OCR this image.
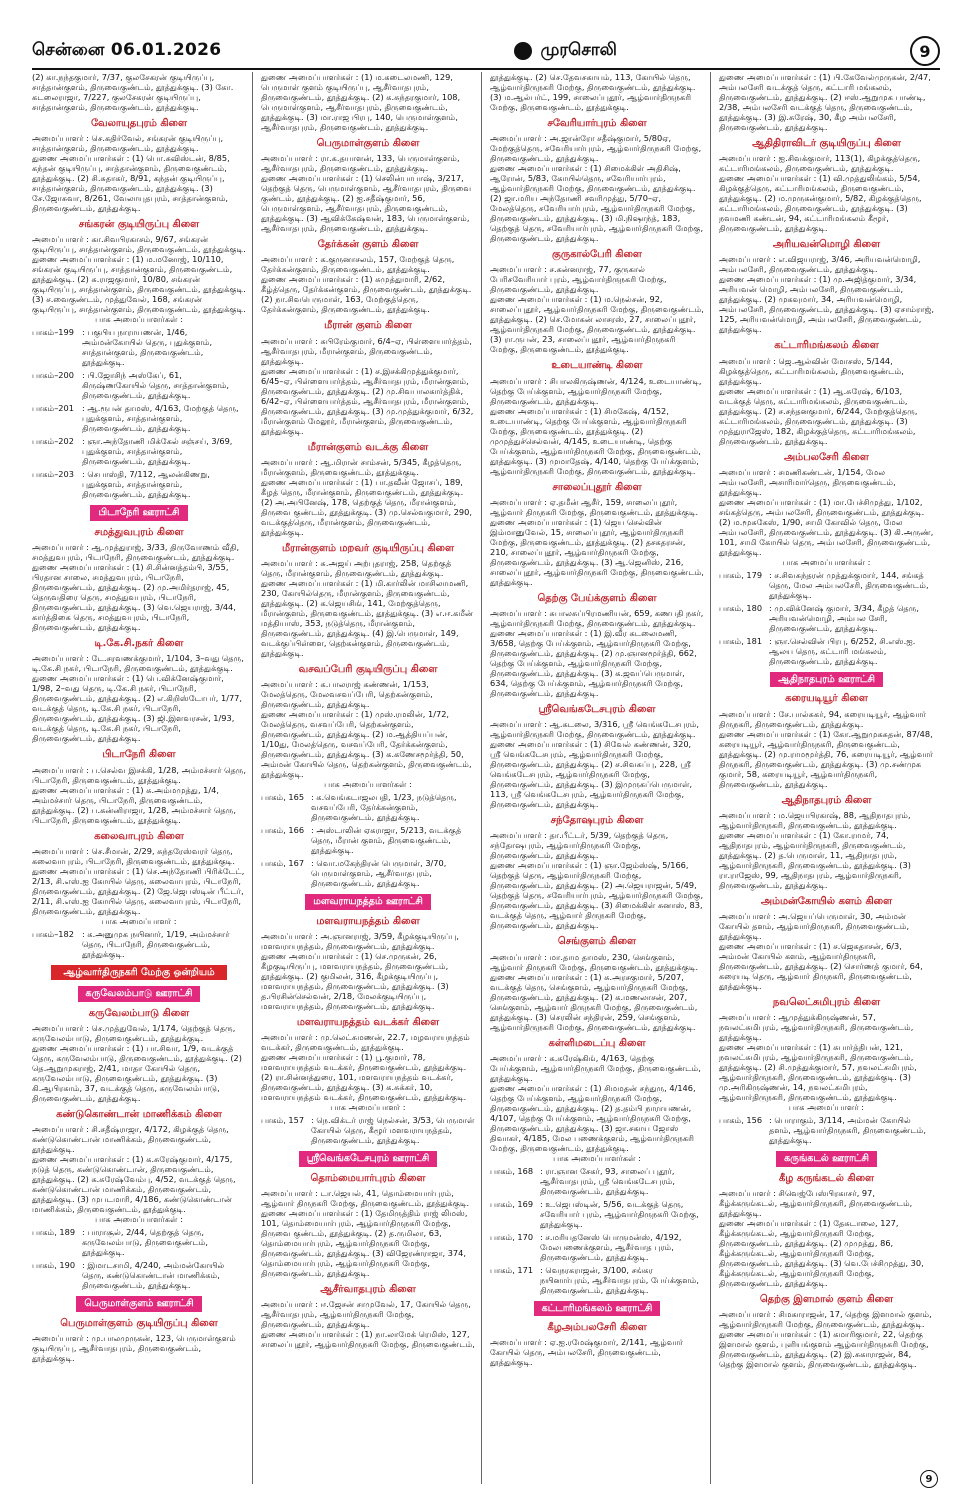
சென்னை 06.01.2026	முரசொலி	9

(2) கா.நந்தகுமார், 7/37, குலசேகரன் குடியிருப்பு, சாத்தான்குளம், திருவைகுண்டம், தூத்துக்குடி. (3) கோ. கடலைராஜா, 7/227, குலசேகரன் குடியிருப்பு, சாத்தான்குளம், திருவைகுண்டம், தூத்துக்குடி.

வேலாயுதபுரம் கிளை

அமைப்பாளர் : செ.கதிர்வேல், சங்கரன் குடியிருப்பு, சாத்தான்குளம், திருவைகுண்டம், தூத்துக்குடி.

துணை அமைப்பாளர்கள் : (1) பொ.சுவிஸ்டன், 8/85, கந்தன் குடியிருப்பு, சாத்தான்குளம், திருவைகுண்டம், தூத்துக்குடி. (2) சி.சுதாகர், 8/91, கந்தன் குடியிருப்பு, சாத்தான்குளம், திருவைகுண்டம், தூத்துக்குடி. (3) சே.ஜோசுவா, 8/261, வேலாயுதபுரம், சாத்தான்குளம், திருவைகுண்டம், தூத்துக்குடி.

சங்கரன் குடியிருப்பு கிளை

அமைப்பாளர் : கா.சிவபிரகாசம், 9/67, சங்கரன் குடியிருப்பு, சாத்தான்குளம், திருவைகுண்டம், தூத்துக்குடி.

துணை அமைப்பாளர்கள் : (1) ம.மனோஜ், 10/110, சங்கரன் குடியிருப்பு, சாத்தான்குளம், திருவைகுண்டம், தூத்துக்குடி. (2) சு.ராஜகுமார், 10/80, சங்கரன் குடியிருப்பு, சாத்தான்குளம், திருவைகுண்டம், தூத்துக்குடி. (3) ச.வைகுண்டம், முத்துவேல், 168, சங்கரன் குடியிருப்பு, சாத்தான்குளம், திருவைகுண்டம், தூத்துக்குடி.

பாக அமைப்பாளர்கள் :
பாகம்–199 : பகுபிய நாராயணன், 1/46, அம்மன்கோயில் தெரு, புதுக்குளம், சாத்தான்குளம், திருவைகுண்டம், தூத்துக்குடி.
பாகம்–200 : பி.ஜோசிந் அஸ்கேப், 61, கிருஷ்ணகோயில் தெரு, சாத்தான்குளம், திருவைகுண்டம், தூத்துக்குடி.
பாகம்–201 : ஆ.ரூபன் தாமஸ், 4/163, மேற்குத் தெரு, புதுக்குளம், சாத்தான்குளம், திருவைகுண்டம், தூத்துக்குடி.
பாகம்–202 : ஞா.அந்தோணி மிக்கேல் சஞ்சய், 3/69, புதுக்குளம், சாத்தான்குளம், திருவைகுண்டம், தூத்துக்குடி.
பாகம்–203 : செபாஸ்தி, 7/112, ஆலன்கிணறு, புதுக்குளம், சாத்தான்குளம், திருவைகுண்டம், தூத்துக்குடி.
பிடாநேரி ஊராட்சி
சமத்துவபுரம் கிளை

அமைப்பாளர் : ஆ.முத்துராஜ், 3/33, திருவோணம் வீதி, சமத்துவபுரம், பிடாநேரி, திருவைகுண்டம், தூத்துக்குடி.

துணை அமைப்பாளர்கள் : (1) சி.சின்னத்தம்பி, 3/55, பிரதான சாலை, சமத்துவபுரம், பிடாநேரி, திருவைகுண்டம், தூத்துக்குடி. (2) மு.அமிர்தராஜ், 45, தெருவதிரை தெரு, சமத்துவபுரம், பிடாநேரி, திருவைகுண்டம், தூத்துக்குடி. (3) வெ.ஜெயராஜ், 3/44, கார்த்திகை தெரு, சமத்துவபுரம், பிடாநேரி, திருவைகுண்டம், தூத்துக்குடி.

டி.கே.சி.நகர் கிளை

அமைப்பாளர் : டே.சரவணக்குமார், 1/104, 3–வது தெரு, டி.கே.சி நகர், பிடாநேரி, திருவைகுண்டம், தூத்துக்குடி.

துணை அமைப்பாளர்கள் : (1) பெ.விக்னேஷ்குமார், 1/98, 2–வது தெரு, டி.கே.சி நகர், பிடாநேரி, திருவைகுண்டம், தூத்துக்குடி. (2) எ.கிறிஸ்டோபர், 1/77, வடக்குத் தெரு, டி.கே.சி நகர், பிடாநேரி, திருவைகுண்டம், தூத்துக்குடி. (3) ஜி.இளவரசன், 1/93, வடக்குத் தெரு, டி.கே.சி நகர், பிடாநேரி, திருவைகுண்டம், தூத்துக்குடி.

பிடாநேரி கிளை

அமைப்பாளர் : ப.செல்வ இசக்கி, 1/28, அம்மச்சார் தெரு, பிடாநேரி, திருவைகுண்டம், தூத்துக்குடி.

துணை அமைப்பாளர்கள் : (1) சு.அம்மமுத்து, 1/4, அம்மச்சார் தெரு, பிடாநேரி, திருவைகுண்டம், தூத்துக்குடி. (2) ப.கன்னிராஜா, 1/28, அம்மச்சார் தெரு, பிடாநேரி, திருவைகுண்டம், தூத்துக்குடி.

கலைவாபுரம் கிளை

அமைப்பாளர் : செ.சீமான், 2/29, சுந்தரேஸ்வரர் தெரு, கலைவாபுரம், பிடாநேரி, திருவைகுண்டம், தூத்துக்குடி.

துணை அமைப்பாளர்கள் : (1) செ.அந்தோணி பிரிக்டேட், 2/13, சி.எஸ்.ஐ கோயில் தெரு, கலைவாபுரம், பிடாநேரி, திருவைகுண்டம், தூத்துக்குடி. (2) ஜே.ஜெபஸ்டின் பீட்டர், 2/11, சி.எஸ்.ஐ கோயில் தெரு, கலைவாபுரம், பிடாநேரி, திருவைகுண்டம், தூத்துக்குடி.

பாக அமைப்பாளர் :
பாகம்–182 : க.அனுமுக நயினார், 1/19, அம்மச்சார் தெரு, பிடாநேரி, திருவைகுண்டம், தூத்துக்குடி.
ஆழ்வார்திருநகரி மேற்கு ஒன்றியம்
கருவேலம்பாடு ஊராட்சி
கருவேலம்பாடு கிளை

அமைப்பாளர் : செ.முத்துவேல், 1/174, தெற்குத் தெரு, கருவேலம்பாடு, திருவைகுண்டம், தூத்துக்குடி.

துணை அமைப்பாளர்கள் : (1) பா.சிவா, 1/9, வடக்குத் தெரு, கருவேலம்பாடு, திருவைகுண்டம், தூத்துக்குடி. (2) தெ.ஆறுமுகராஜ், 2/41, மாதா கோயில் தெரு, கருவேலம்பாடு, திருவைகுண்டம், தூத்துக்குடி. (3) கி.ஆபிரகாம், 37, வடக்குத் தெரு, கருவேலம்பாடு, திருவைகுண்டம், தூத்துக்குடி.

கண்டுகொண்டான் மாணிக்கம் கிளை

அமைப்பாளர் : சி.சதீஷ்ராஜா, 4/172, கிழக்குத் தெரு, கண்டுகொண்டான் மாணிக்கம், திருவைகுண்டம், தூத்துக்குடி.

துணை அமைப்பாளர்கள் : (1) க.சுரேஷ்குமார், 4/175, நடுத் தெரு, கண்டுகொண்டான், திருவைகுண்டம், தூத்துக்குடி. (2) க.சுரேஷ்வேம்பு, 4/52, வடக்குத் தெரு, கண்டுகொண்டான் மாணிக்கம், திருவைகுண்டம், தூத்துக்குடி. (3) முபடமாரி, 4/186, கண்டுகொண்டான் மாணிக்கம், திருவைகுண்டம், தூத்துக்குடி.

பாக அமைப்பாளர்கள் :
பாகம், 189 : பாராசூல், 2/44, தெற்குத் தெரு, கருவேலம்பாடு, திருவைகுண்டம், தூத்துக்குடி.
பாகம், 190 : இமாடசாமி, 4/240, அம்மன்கோயில் தெரு, கண்டுகொண்டான் மாணிக்கம், திருவைகுண்டம், தூத்துக்குடி.
பெருமாள்குளம் ஊராட்சி
பெருமாள்குளம் குடியிருப்பு கிளை

அமைப்பாளர் : மு.பாலமுருகன், 123, பெருமாள்குளம் குடியிருப்பு, ஆசீர்வாதபுரம், திருவைகுண்டம், தூத்துக்குடி.

துணை அமைப்பாளர்கள் : (1) ம.கடைலமணி, 129, பெருமாள் குளம் குடியிருப்பு, ஆசீர்வாதபுரம், திருவைகுண்டம், தூத்துக்குடி. (2) க.சுந்தரகுமார், 108, பெருமாள்குளம், ஆசீர்வாதபுரம், திருவைகுண்டம், தூத்துக்குடி. (3) மா.ராஜ பிரபு, 140, பெருமாள்குளம், ஆசீர்வாதபுரம், திருவைகுண்டம், தூத்துக்குடி.

பெருமாள்குளம் கிளை

அமைப்பாளர் : ரா.க.தயாளன், 133, பெருமாள்குளம், ஆசீர்வாதபுரம், திருவைகுண்டம், தூத்துக்குடி.

துணை அமைப்பாளர்கள் : (1) செலின்பாபாஷ், 3/217, தெற்குத் தெரு, பெருமாள்குளம், ஆசீர்வாதபுரம், திருவை குண்டம், தூத்துக்குடி. (2) ஐ.சதீஷ்குமார், 56, பெருமாள்குளம், ஆசீர்வாதபுரம், திருவைகுண்டம், தூத்துக்குடி. (3) ஆவிக்கேஷ்வன், 183, பெருமாள்குளம், ஆசீர்வாதபுரம், திருவைகுண்டம், தூத்துக்குடி.

தேர்க்கன் குளம் கிளை

அமைப்பாளர் : க.குருனாசலம், 157, மேற்குத் தெரு, தேர்க்கன்குளம், திருவைகுண்டம், தூத்துக்குடி.

துணை அமைப்பாளர்கள் : (1) சுமுத்துமாரி, 2/62, கீழ்த்தெரு, தேர்க்கன்குளம், திருவைகுண்டம், தூத்துக்குடி. (2) நா.சிவபெருமாள், 163, மேற்குத்தெரு, தேர்க்கன்குளம், திருவைகுண்டம், தூத்துக்குடி.

மீரான் குளம் கிளை

அமைப்பாளர் : சுபிரேம்குமார், 6/4–ஏ, பிள்ளையார்த்தம், ஆசீர்வாதபுரம், மீரான்குளம், திருவைகுண்டம், தூத்துக்குடி.

துணை அமைப்பாளர்கள் : (1) ச.இசக்கிமுத்துக்குமார், 6/45–ஏ, பிள்ளையார்த்தம், ஆசீர்வாதபுரம், மீரான்குளம், திருவைகுண்டம், தூத்துக்குடி. (2) மு.சிவபாலகார்த்திக், 6/42–ஏ, பிள்ளையார்த்தம், ஆசீர்வாதபுரம், மீரான்குளம், திருவைகுண்டம், தூத்துக்குடி. (3) மு.முத்துக்குமார், 6/32, மீரான்குளம் மேலூர், மீரான்குளம், திருவைகுண்டம், தூத்துக்குடி.

மீரான்குளம் வடக்கு கிளை

அமைப்பாளர் : ஆ.மிரான் சாம்சன், 5/345, கீழத்தெரு, மீரான்குளம், திருவைகுண்டம், தூத்துக்குடி.

துணை அமைப்பாளர்கள் : (1) பா.தவீன் ஜோசப், 189, கீழத் தெரு, மீரான்குளம், திருவைகுண்டம், தூத்துக்குடி. (2) அ.அபினேஷ், 178, தெற்குத் தெரு, மீரான்குளம், திருவை குண்டம், தூத்துக்குடி. (3) மு.செல்வகுமார், 290, வடக்குத்தெரு, மீரான்குளம், திருவைகுண்டம், தூத்துக்குடி.

மீரான்குளம் மறவர் குடியிருப்பு கிளை

அமைப்பாளர் : சு.அஜய் அற்புதராஜ், 258, தெற்குத் தெரு, மீரான்குளம், திருவைகுண்டம், தூத்துக்குடி.

துணை அமைப்பாளர்கள் : (1) மி.கார்லின் மாசிலாமணி, 230, கோயில்தெரு, மீரான்குளம், திருவைகுண்டம், தூத்துக்குடி. (2) க.ஜெயசிங், 141, மேற்குத்தெரு, மீரான்குளம், திருவைகுண்டம், தூத்துக்குடி. (3) எ.ஈ.கமீன் மத்தியாஸ், 353, நடுத்தெரு, மீரான்குளம், திருவைகுண்டம், தூத்துக்குடி. (4) இ.பெருமாள், 149, வடக்குப்பிள்ளை, தெற்கன்குளம், திருவைகுண்டம், தூத்துக்குடி.

வசவப்பேரி குடியிருப்பு கிளை

அமைப்பாளர் : க.பாலராஜ் கண்ணன், 1/153, மேலத்தெரு, மேலவசவப்பேரி, தெற்கன்குளம், திருவைகுண்டம், தூத்துக்குடி.

துணை அமைப்பாளர்கள் : (1) முஸ்.ரமலின், 1/72, மேலத்தெரு, வசவப்பேரி, தெற்கன்குளம், திருவைகுண்டம், தூத்துக்குடி. (2) ம.ஆத்தியப்பன், 1/10து, மேலத்தெரு, வசவப்பேரி, தேர்க்கன்குளம், திருவைகுண்டம், தூத்துக்குடி. (3) க.கணேசமூர்த்தி, 50, அம்மன் கோயில் தெரு, தெற்கன்குளம், திருவைகுண்டம், தூத்துக்குடி.

பாக அமைப்பாளர்கள் :
பாகம், 165 : க.வெங்கடாஜலபதி, 1/23, நடுத்தெரு, வசவப்பேரி, தேர்க்கன்குளம், திருவைகுண்டம், தூத்துக்குடி.
பாகம், 166 : அஸ்டாலின் ஏகராஜா, 5/213, வடக்குத் தெரு, மீரான் குளம், திருவைகுண்டம், தூத்துக்குடி.
பாகம், 167 : வொ.மகேந்திரன் பெருமாள், 3/70, பெருமாள்குளம், ஆசீர்வாதபுரம், திருவைகுண்டம், தூத்துக்குடி.
மளவராயநத்தம் ஊராட்சி
மளவராயநத்தம் கிளை

அமைப்பாளர் : அ.ஞானராஜ், 3/59, கீழக்குடியிருப்பு, மளவராயநத்தம், திருவைகுண்டம், தூத்துக்குடி.

துணை அமைப்பாளர்கள் : (1) செ.முருகன், 26, கீழகுடியிருப்பு, மளவராயநத்தம், திருவைகுண்டம், தூத்துக்குடி. (2) குமிலன், 316, கீழக்குடியிருப்பு, மளவராயநத்தம், திருவைகுண்டம், தூத்துக்குடி. (3) த.பிரசின்செல்வன், 2/18, மேலக்குடியிருப்பு, மளவராயநத்தம், திருவைகுண்டம், தூத்துக்குடி.

மளவராயநத்தம் வடக்கர் கிளை

அமைப்பாளர் : மு.லெட்சுமணன், 22.7, மழவராயநத்தம் வடக்கர், திருவைகுண்டம், தூத்துக்குடி.

துணை அமைப்பாளர்கள் : (1) பூ.குமார், 78, மளவராயநத்தம் வடக்கர், திருவைகுண்டம், தூத்துக்குடி. (2) ரா.சின்னத்துரை, 101, மளவராயநத்தம் வடக்கர், திருவைகுண்டம், தூத்துக்குடி. (3) க.சுக்கர், 10, மளவராயநத்தம் வடக்கர், திருவைகுண்டம், தூத்துக்குடி.

பாக அமைப்பாளர் :
பாகம், 157 : நெ.விக்டர் ராஜ் நெல்சன், 3/53, பெருமாள் கோயில் தெரு, கீழூர் மளவராயநத்தம், திருவைகுண்டம், தூத்துக்குடி.
ஸ்ரீவெங்கடேசபுரம் ஊராட்சி
தொம்மையார்புரம் கிளை

அமைப்பாளர் : டா.ஜெயல், 41, தொம்மையார்புரம், ஆழ்வார் திருநகரி மேற்கு, திருவைகுண்டம், தூத்துக்குடி.

துணை அமைப்பாளர்கள் : (1) தேமிருத்திம் ராஜ் லிமஸ், 101, தொம்மையார்புரம், ஆழ்வார்திருநகரி மேற்கு, திருவை குண்டம், தூத்துக்குடி. (2) த.ருமிலா, 63, தொம்மையார்புரம், ஆழ்வார்திருநகரி மேற்கு, திருவைகுண்டம், தூத்துக்குடி. (3) விஜேரண்ராஜா, 374, தொம்மையார்புரம், ஆழ்வார்திருநகரி மேற்கு, திருவைகுண்டம், தூத்துக்குடி.

ஆசீர்வாதபுரம் கிளை

அமைப்பாளர் : ஈ.ஜேசன் சாமுவேல், 17, கோயில் தெரு, ஆசீர்வாதபுரம், ஆழ்வார்திருநகரி மேற்கு, திருவைகுண்டம், தூத்துக்குடி.

துணை அமைப்பாளர்கள் : (1) நா.லாமேக் ரெமிஸ், 127, சாலைப்புதூர், ஆழ்வார்திருநகரி மேற்கு, திருவைகுண்டம்,

தூத்துக்குடி. (2) செ.தேவசகாயம், 113, கோயில் தெரு, ஆழ்வார்திருநகரி மேற்கு, திருவைகுண்டம், தூத்துக்குடி. (3) ம.ஆல்பர்ட், 199, சாலைப்புதூர், ஆழ்வார்திருநகரி மேற்கு, திருவைகுண்டம், தூத்துக்குடி.

சவேரியார்புரம் கிளை

அமைப்பாளர் : அ.ஜான்ரோ சதீஷ்குமார், 5/80ஏ, மேற்குத்தெரு, சவேரியார்புரம், ஆழ்வார்திருநகரி மேற்கு, திருவைகுண்டம், தூத்துக்குடி.

துணை அமைப்பாளர்கள் : (1) சிமைக்கிள் அதிசிஷ், ஆரோன், 5/83, கோயில்தெரு, சவேரியார்புரம், ஆழ்வார்திருநகரி மேற்கு, திருவைகுண்டம், தூத்துக்குடி. (2) ஜா.மரிய அந்தோணி சவரிமுத்து, 5/70–ஏ, மேலத்தெரு, சவேரியார்புரம், ஆழ்வார்திருநகரி மேற்கு, திருவைகுண்டம், தூத்துக்குடி. (3) மி.நிஷாந்த், 183, தெற்குத் தெரு, சவேரியார்புரம், ஆழ்வார்திருநகரி மேற்கு, திருவைகுண்டம், தூத்துக்குடி.

குருகால்பேரி கிளை

அமைப்பாளர் : ச.கன்னராஜ், 77, குருகால் பேரிசவேரியார் புரம், ஆழ்வார்திருநகரி மேற்கு, திருவைகுண்டம், தூத்துக்குடி.

துணை அமைப்பாளர்கள் : (1) ம.நெல்சன், 92, சாலைப்புதூர், ஆழ்வார்திருநகரி மேற்கு, திருவைகுண்டம், தூத்துக்குடி. (2) செ.மோகன் லாசரஸ், 27, சாலைப்புதூர், ஆழ்வார்திருநகரி மேற்கு, திருவைகுண்டம், தூத்துக்குடி. (3) ரா.ருபன், 23, சாலைப்புதூர், ஆழ்வார்திருநகரி மேற்கு, திருவைகுண்டம், தூத்துக்குடி.

உடையாண்டி கிளை

அமைப்பாளர் : சிபாலகிருஷ்ணன், 4/124, உடையாண்டி, தெற்கு பேய்க்குளம், ஆழ்வார்திருநகரி மேற்கு, திருவைகுண்டம், தூத்துக்குடி.

துணை அமைப்பாளர்கள் : (1) சிமகேஷ், 4/152, உடையாண்டி, தெற்கு பேய்க்குளம், ஆழ்வார்திருநகரி மேற்கு, திருவைகுண்டம், தூத்துக்குடி. (2) முமுத்துச்செல்வன், 4/145, உடையாண்டி, தெற்கு பேய்க்குளம், ஆழ்வார்திருநகரி மேற்கு, திருவைகுண்டம், தூத்துக்குடி. (3) முமாதேஷ், 4/140, தெற்கு பேய்க்குளம், ஆழ்வார்திருநகரி மேற்கு, திருவைகுண்டம், தூத்துக்குடி.

சாலைப்புதூர் கிளை

அமைப்பாளர் : ஏ.தமீன் ஆசீர், 159, சாலைப்புதூர், ஆழ்வார் திருநகரி மேற்கு, திருவைகுண்டம், தூத்துக்குடி.

துணை அமைப்பாளர்கள் : (1) ஜெய செல்வின் இம்மானுவேல், 15, சாலைப்புதூர், ஆழ்வார்திருநகரி மேற்கு, திருவைகுண்டம், தூத்துக்குடி. (2) தசகதரசன், 210, சாலைப்புதூர், ஆழ்வார்திருநகரி மேற்கு, திருவைகுண்டம், தூத்துக்குடி. (3) ஆ.ஜெனிஸ், 216, சாலைப்புதூர், ஆழ்வார்திருநகரி மேற்கு, திருவைகுண்டம், தூத்துக்குடி.

தெற்கு பேய்க்குளம் கிளை

அமைப்பாளர் : சுபாலசுப்பிரமணியன், 659, கணபதி நகர், ஆழ்வார்திருநகரி மேற்கு, திருவைகுண்டம், தூத்துக்குடி.

துணை அமைப்பாளர்கள் : (1) இ.வீர கடலைமணி, 3/658, தெற்கு பேய்க்குளம், ஆழ்வார்திருநகரி மேற்கு, திருவைகுண்டம், தூத்துக்குடி. (2) மு.ஞானமூர்த்தி, 662, தெற்கு பேய்க்குளம், ஆழ்வார்திருநகரி மேற்கு, திருவைகுண்டம், தூத்துக்குடி. (3) க.ஜவப்பெருமாள், 634, தெற்கு பேய்க்குளம், ஆழ்வார்திருநகரி மேற்கு, திருவைகுண்டம், தூத்துக்குடி.

ஸ்ரீவெங்கடேசபுரம் கிளை

அமைப்பாளர் : ஆ.கடலை, 3/316, ஸ்ரீ வெங்கடேசபுரம், ஆழ்வார்திருநகரி மேற்கு, திருவைகுண்டம், தூத்துக்குடி.

துணை அமைப்பாளர்கள் : (1) சிவேல் கண்ணன், 320, ஸ்ரீ வெங்கடேசபுரம், ஆழ்வார்திருநகரி மேற்கு, திருவைகுண்டம், தூத்துக்குடி. (2) ச.சிவசுப்பு, 228, ஸ்ரீ வெங்கடேசபுரம், ஆழ்வார்திருநகரி மேற்கு, திருவைகுண்டம், தூத்துக்குடி. (3) இமுருகப்பெருமாள், 113, ஸ்ரீ வெங்கடேசபுரம், ஆழ்வார்திருநகரி மேற்கு, திருவைகுண்டம், தூத்துக்குடி.

சந்தோஷபுரம் கிளை

அமைப்பாளர் : தா.பீட்டர், 5/39, தெற்குத் தெரு, சந்தோஷபுரம், ஆழ்வார்திருநகரி மேற்கு, திருவைகுண்டம், தூத்துக்குடி.

துணை அமைப்பாளர்கள் : (1) ஞா.ஜேம்ஸ்ஷ், 5/166, தெற்குத் தெரு, ஆழ்வார்திருநகரி மேற்கு, திருவைகுண்டம், தூத்துக்குடி. (2) அ.ஜெயராஜன், 5/49, தெற்குத் தெரு, சவேரியார்புரம், ஆழ்வார்திருநகரி மேற்கு, திருவைகுண்டம், தூத்துக்குடி. (3) சிமைக்கிள் சுனாஸ், 83, வடக்குத் தெரு, ஆழ்வார் திருநகரி மேற்கு, திருவைகுண்டம், தூத்துக்குடி.

செங்குளம் கிளை

அமைப்பாளர் : மா.தாம தாமஸ், 230, செங்குளம், ஆழ்வார் திருநகரி மேற்கு, திருவைகுண்டம், தூத்துக்குடி.

துணை அமைப்பாளர்கள் : (1) சு.அரசகுமார், 5/207, வடக்குத் தெரு, செங்குளம், ஆழ்வார்திருநகரி மேற்கு, திருவைகுண்டம், தூத்துக்குடி. (2) க.மணலாசன், 207, செங்குளம், ஆழ்வார் திருநகரி மேற்கு, திருவைகுண்டம், தூத்துக்குடி. (3) செரலின் சந்திரன், 259, செங்குளம், ஆழ்வார்திருநகரி மேற்கு, திருவைகுண்டம், தூத்துக்குடி.

கள்ளிமடைப்பு கிளை

அமைப்பாளர் : க.சுரேஷ்கிங், 4/163, தெற்கு பேய்க்குளம், ஆழ்வார்திருநகரி மேற்கு, திருவைகுண்டம், தூத்துக்குடி.

துணை அமைப்பாளர்கள் : (1) சிமமதன் சந்துரு, 4/146, தெற்கு பேய்க்குளம், ஆழ்வார்திருநகரி மேற்கு, திருவைகுண்டம், தூத்துக்குடி. (2) த.தம்பி நாராயணன், 4/107, தெற்கு பேய்க்குளம், ஆழ்வார்திருநகரி மேற்கு, திருவைகுண்டம், தூத்துக்குடி. (3) ஜா.சகாய ஜோஸ் திவாகர், 4/185, மேல பணைக்குளம், ஆழ்வார்திருநகரி மேற்கு, திருவைகுண்டம், தூத்துக்குடி.

பாக அமைப்பாளர்கள் :
பாகம், 168 : ரா.ஞான சேகர், 93, சாலைப் புதூர், ஆசீர்வாதபுரம், ஸ்ரீ வெங்கடேசபுரம், திருவைகுண்டம், தூத்துக்குடி.
பாகம், 169 : உ.ஜெபஸ்டின், 5/56, வடக்குத் தெரு, சவேரியார் புரம், ஆழ்வார்திருநகரி மேற்கு, தூத்துக்குடி.
பாகம், 170 : ச.மரியதனேஸ் பொருமன்ஸ், 4/192, மேலபணைக்குளம், ஆசீர்வாத புரம், திருவைகுண்டம், தூத்துக்குடி.
பாகம், 171 : வெநரகராஜன், 3/100, சங்கர நயினார்புரம், ஆசீர்வாதபுரம், பேய்க்குளம், திருவைகுண்டம், தூத்துக்குடி.
கட்டாரிமங்கலம் ஊராட்சி
கீழஅம்பலசேரி கிளை

அமைப்பாளர் : ஏ.ஐ.ரமேஷ்குமார், 2/141, ஆழ்வார் கோயில் தெரு, அம்பலசேரி, திருவைகுண்டம், தூத்துக்குடி.

துணை அமைப்பாளர்கள் : (1) பி.கேவேல்முருகன், 2/47, அம்பலசேரி வடக்குத் தெரு, கட்டாரி மங்கலம், திருவைகுண்டம், தூத்துக்குடி. (2) ஈஸ்.ஆறுமுக பாண்டி, 2/38, அம்பலசேரி வடக்குத் தெரு, திருவைகுண்டம், தூத்துக்குடி. (3) இ.சுரேஷ், 30, கீழ அம்பலசேரி, திருவைகுண்டம், தூத்துக்குடி.

ஆதிதிராவிடர் குடியிருப்பு கிளை

அமைப்பாளர் : ஐ.சிவக்குமார், 113(1), கிழக்குத்தெரு, கட்டாரிமங்கலம், திருவைகுண்டம், தூத்துக்குடி.

துணை அமைப்பாளர்கள் : (1) வி.முத்துலிங்கம், 5/54, கிழக்குத்தெரு, கட்டாரிமங்கலம், திருவைகுண்டம், தூத்துக்குடி. (2) ம.முருகன்குமார், 5/82, கிழக்குத்தெரு, கட்டாரிமங்கலம், திருவைகுண்டம், தூத்துக்குடி. (3) நவமணி கண்டன், 94, கட்டாரிமங்கலம் கீழூர், திருவைகுண்டம், தூத்துக்குடி.

அரியவன்மொழி கிளை

அமைப்பாளர் : எ.விஜயராஜ், 3/46, அரியவன்மொழி, அம்பலசேரி, திருவைகுண்டம், தூத்துக்குடி.

துணை அமைப்பாளர்கள் : (1) மு.அஜித்குமார், 3/34, அரியவன் மொழி, அம்பலசேரி, திருவைகுண்டம், தூத்துக்குடி. (2) முகவுமார், 34, அரியவன்மொழி, அம்பலசேரி, திருவைகுண்டம், தூத்துக்குடி. (3) ஏசாம்ராஜ், 125, அரியவன்மொழி, அம்பலசேரி, திருவைகுண்டம், தூத்துக்குடி.

கட்டாரிமங்கலம் கிளை

அமைப்பாளர் : ஜெ.ஆல்வின் மோசஸ், 5/144, கிழக்குத்தெரு, கட்டாரிமங்கலம், திருவைகுண்டம், தூத்துக்குடி.

துணை அமைப்பாளர்கள் : (1) ஆ.சுரேஷ், 6/103, வடக்குத் தெரு, கட்டாரிமங்கலம், திருவைகுண்டம், தூத்துக்குடி. (2) ச.சந்தனகுமார், 6/244, மேற்குத்தெரு, கட்டாரிமங்கலம், திருவைகுண்டம், தூத்துக்குடி. (3) முத்துராஜேஸ், 182, கிழக்குத்தெரு, கட்டாரிமங்கலம், திருவைகுண்டம், தூத்துக்குடி.

அம்பலசேரி கிளை

அமைப்பாளர் : சமணிகண்டன், 1/154, மேல அம்பலசேரி, அசாரிமார்தெரு, திருவைகுண்டம், தூத்துக்குடி.

துணை அமைப்பாளர்கள் : (1) மா.பேச்சிமுத்து, 1/102, சங்கத்தெரு, அம்பலசேரி, திருவைகுண்டம், தூத்துக்குடி. (2) ம.மூசுகேஸ், 1/90, சாமி கோவில் தெரு, மேல அம்பலசேரி, திருவைகுண்டம், தூத்துக்குடி. (3) கி.அருண், 101, சாமி கோயில் தெரு, அம்பலசேரி, திருவைகுண்டம், தூத்துக்குடி.

பாக அமைப்பாளர்கள் :
பாகம், 179 : ச.சிவசுந்தரன் முத்துக்குமார், 144, சங்கத் தெரு, மேல அம்பலசேரி, திருவைகுண்டம், தூத்துக்குடி.
பாகம், 180 : மு.விக்னேஷ் குமார், 3/34, கீழத் தெரு, அரியவன்மொழி, அம்பல சேரி, திருவைகுண்டம், தூத்துக்குடி.
பாகம், 181 : ஞா.செல்வின் பிரபு, 6/252, சி.எஸ்.ஐ. ஆலய தெரு, கட்டாரி மங்கலம், திருவைகுண்டம், தூத்துக்குடி.
ஆதிநாதபுரம் ஊராட்சி
கரையடியூர் கிளை

அமைப்பாளர் : சே.பால்சுகர், 94, கரையடியூர், ஆழ்வார் திருநகரி, திருவைகுண்டம், தூத்துக்குடி.

துணை அமைப்பாளர்கள் : (1) கோ.ஆறுமுகசுதன், 87/48, கரையடியூர், ஆழ்வார்திருநகரி, திருவைகுண்டம், தூத்துக்குடி. (2) மு.ராமமூர்த்தி, 76, கரையடியூர், ஆழ்வார் திருநகரி, திருவைகுண்டம், தூத்துக்குடி. (3) மு.சண்முக குமார், 58, கரையடியூர், ஆழ்வார்திருநகரி, திருவைகுண்டம், தூத்துக்குடி.

ஆதிநாதபுரம் கிளை

அமைப்பாளர் : ம.ஜெயபிரகாஷ், 88, ஆதிநாதபுரம், ஆழ்வார்திருநகரி, திருவைகுண்டம், தூத்துக்குடி.

துணை அமைப்பாளர்கள் : (1) கோ.ராமர், 74, ஆதிநாதபுரம், ஆழ்வார்திருநகரி, திருவைகுண்டம், தூத்துக்குடி. (2) த.பெருமாள், 11, ஆதிநாதபுரம், ஆழ்வார்திருநகரி, திருவைகுண்டம், தூத்துக்குடி. (3) ரா.ராஜேஸ், 99, ஆதிநாதபுரம், ஆழ்வார்திருநகரி, திருவைகுண்டம், தூத்துக்குடி.

அம்மன்கோயில் களம் கிளை

அமைப்பாளர் : அ.ஜெயப்பெருமாள், 30, அம்மன் கோயில் தளம், ஆழ்வார்திருநகரி, திருவைகுண்டம், தூத்துக்குடி.

துணை அமைப்பாளர்கள் : (1) ச.ஜெகதாசன், 6/3, அம்மன் கோயில் களம், ஆழ்வார்திருநகரி, திருவைகுண்டம், தூத்துக்குடி. (2) சொர்ணத் குமார், 64, கரையடி தெரு, ஆழ்வார் திருநகரி, திருவைகுண்டம், தூத்துக்குடி.

நவலெட்சுமிபுரம் கிளை

அமைப்பாளர் : ஆமுத்துக்கிருஷ்ணன், 57, நவலட்சுமிபுரம், ஆழ்வார்திருநகரி, திருவைகுண்டம், தூத்துக்குடி.

துணை அமைப்பாளர்கள் : (1) சுபார்த்திபன், 121, நவலட்சுமிபுரம், ஆழ்வார்திருநகரி, திருவைகுண்டம், தூத்துக்குடி. (2) சி.முத்துக்குமார், 57, நவலட்சுமிபுரம், ஆழ்வார்திருநகரி, திருவைகுண்டம், தூத்துக்குடி. (3) மு.அரிகிருஷ்ணன், 14, நவலட்சுமிபுரம், ஆழ்வார்திருநகரி, திருவைகுண்டம், தூத்துக்குடி.

பாக அமைப்பாளர் :
பாகம், 156 : பொராகும், 3/114, அம்மன் கோயில் தளம், ஆழ்வார்திருநகரி, திருவைகுண்டம், தூத்துக்குடி.
கருங்கடல் ஊராட்சி
கீழ கருங்கடல் கிளை

அமைப்பாளர் : சிவெஜ்பேஸ்பிரகாசர், 97, கீழ்க்கருங்கடல், ஆழ்வார்திருநகரி, திருவைகுண்டம், தூத்துக்குடி.

துணை அமைப்பாளர்கள் : (1) தேசுடாலை, 127, கீழ்க்கருங்கடல், ஆழ்வார்திருநகரி மேற்கு, திருவைகுண்டம், தூத்துக்குடி. (2) முமுத்து, 86, கீழ்க்கருங்கடல், ஆழ்வார்திருநகரி மேற்கு, திருவைகுண்டம், தூத்துக்குடி. (3) வெ.பேச்சிமுத்து, 30, கீழ்க்கருங்கடல், ஆழ்வார்திருநகரி மேற்கு, திருவைகுண்டம், தூத்துக்குடி.

தெற்கு இளமால் குளம் கிளை

அமைப்பாளர் : சிமகாராஜன், 17, தெற்கு இளமால் குளம், ஆழ்வார்திருநகரி மேற்கு, திருவைகுண்டம், தூத்துக்குடி.

துணை அமைப்பாளர்கள் : (1) கமாரிகுமார், 22, தெற்கு இளமால் குளம், புளியங்குளம் ஆழ்வார்திருநகரி மேற்கு, திருவைகுண்டம், தூத்துக்குடி. (2) இ.சுகாராஜன், 84, தெற்கு இளமால் குளம், திருவைகுண்டம், தூத்துக்குடி.

9
